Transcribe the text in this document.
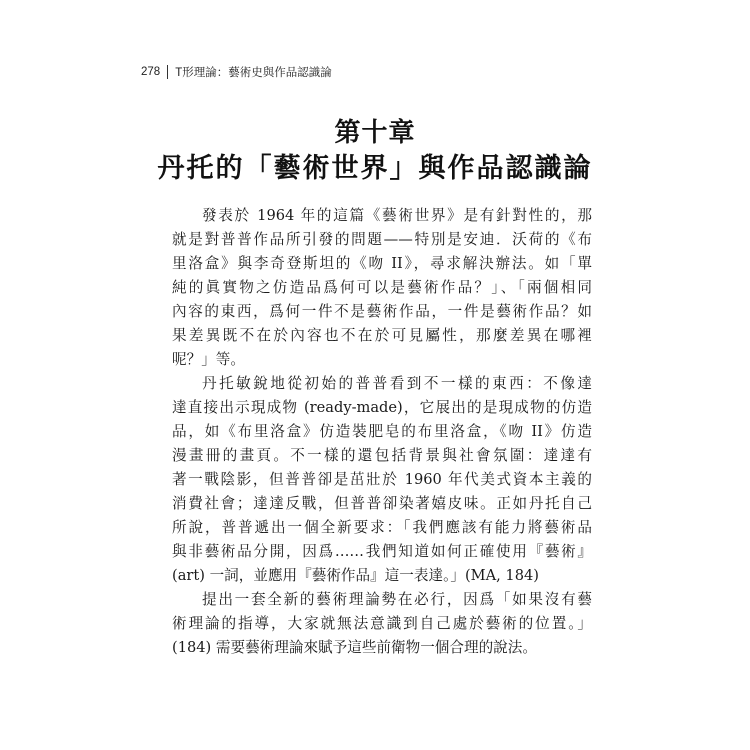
278 T形理論：藝術史與作品認識論
第十章
丹托的「藝術世界」與作品認識論
發表於 1964 年的這篇《藝術世界》是有針對性的，那
就是對普普作品所引發的問題——特別是安迪．沃荷的《布
里洛盒》與李奇登斯坦的《吻 II》，尋求解決辦法。如「單
純的眞實物之仿造品爲何可以是藝術作品？」、「兩個相同
內容的東西，爲何一件不是藝術作品，一件是藝術作品？如
果差異既不在於內容也不在於可見屬性，那麼差異在哪裡
呢？」等。
丹托敏銳地從初始的普普看到不一樣的東西：不像達
達直接出示現成物 (ready-made)，它展出的是現成物的仿造
品，如《布里洛盒》仿造裝肥皂的布里洛盒，《吻 II》仿造
漫畫冊的畫頁。不一樣的還包括背景與社會氛圍：達達有
著一戰陰影，但普普卻是茁壯於 1960 年代美式資本主義的
消費社會；達達反戰，但普普卻染著嬉皮味。正如丹托自己
所說，普普遞出一個全新要求：「我們應該有能力將藝術品
與非藝術品分開，因爲……我們知道如何正確使用『藝術』
(art) 一詞，並應用『藝術作品』這一表達。」(MA, 184)
提出一套全新的藝術理論勢在必行，因爲「如果沒有藝
術理論的指導，大家就無法意識到自己處於藝術的位置。」
(184) 需要藝術理論來賦予這些前衛物一個合理的說法。
